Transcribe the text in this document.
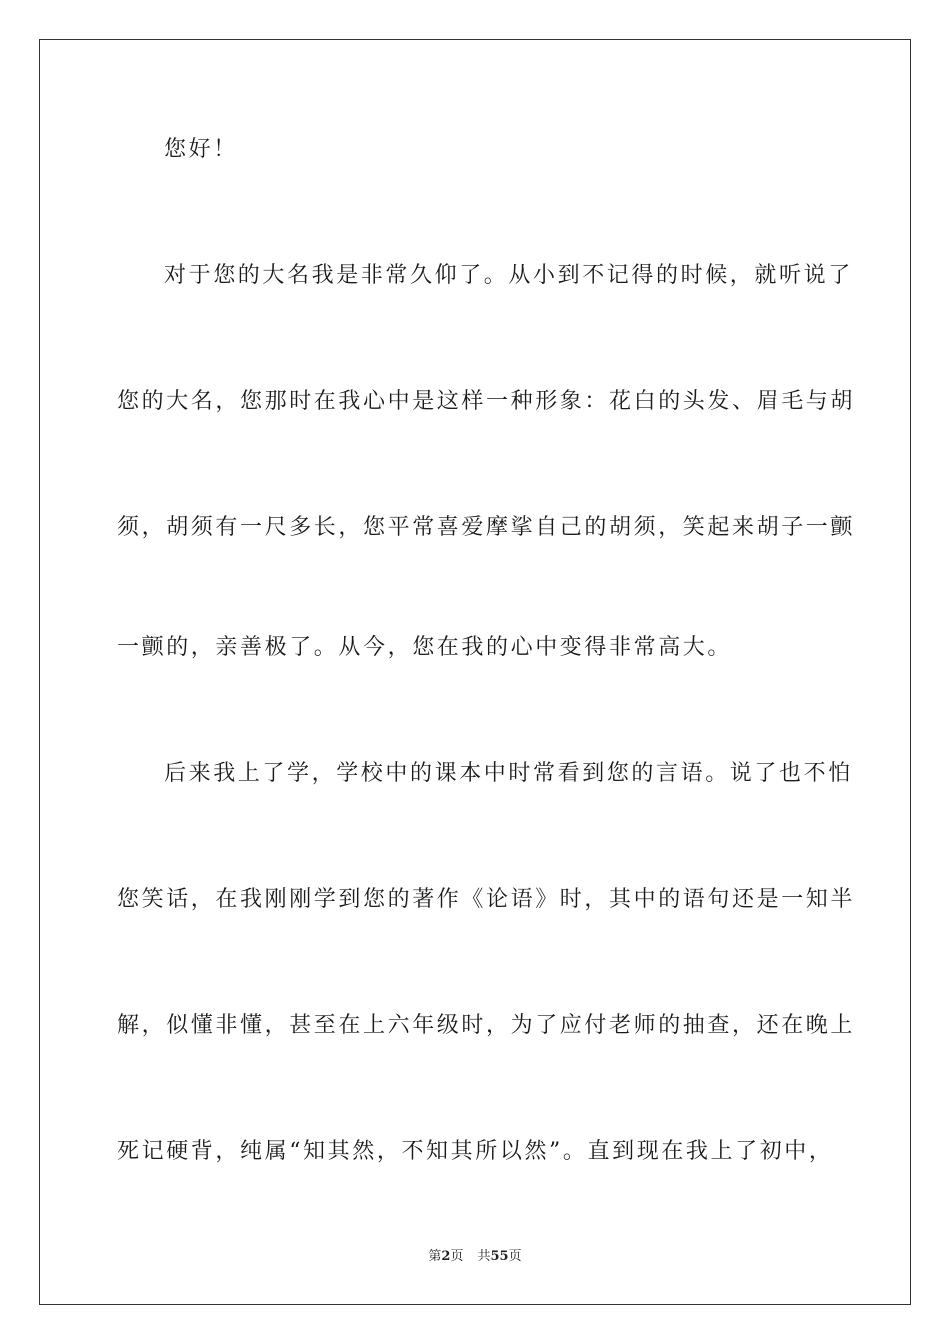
您好！
对于您的大名我是非常久仰了。从小到不记得的时候，就听说了
您的大名，您那时在我心中是这样一种形象：花白的头发、眉毛与胡
须，胡须有一尺多长，您平常喜爱摩挲自己的胡须，笑起来胡子一颤
一颤的，亲善极了。从今，您在我的心中变得非常高大。
后来我上了学，学校中的课本中时常看到您的言语。说了也不怕
您笑话，在我刚刚学到您的著作《论语》时，其中的语句还是一知半
解，似懂非懂，甚至在上六年级时，为了应付老师的抽查，还在晚上
死记硬背，纯属“知其然，不知其所以然”。直到现在我上了初中，
第2页 共55页
